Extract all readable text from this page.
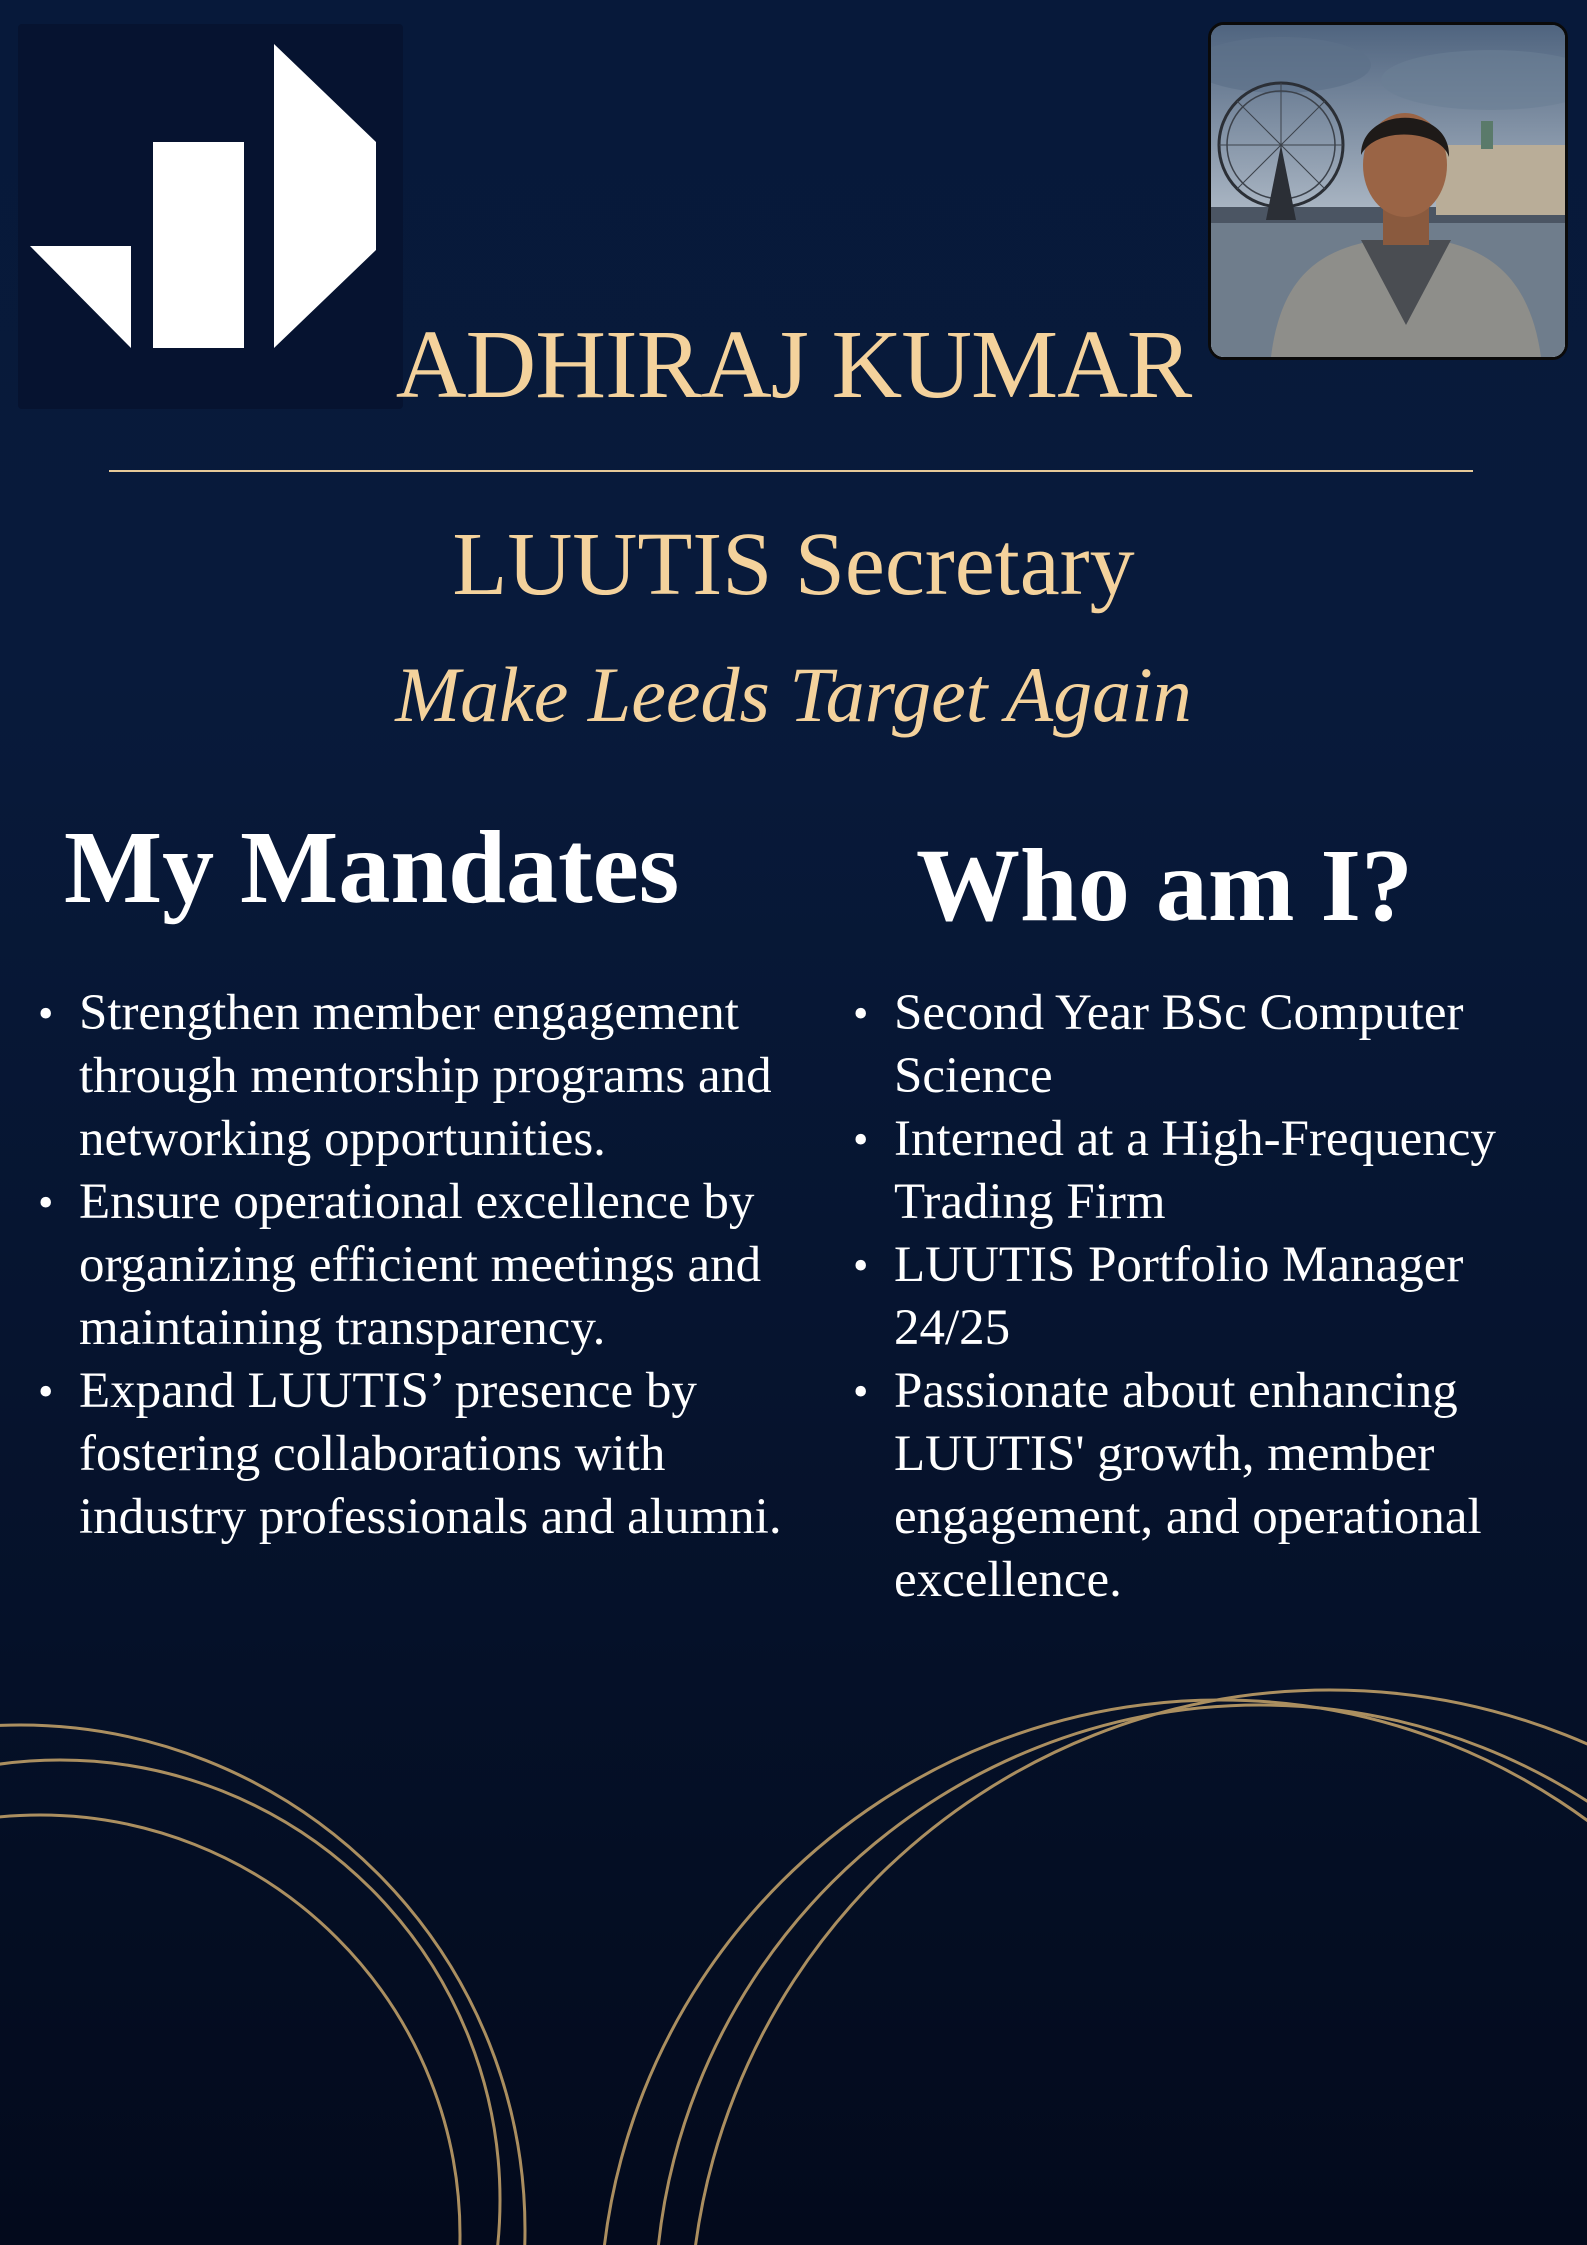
ADHIRAJ KUMAR
LUUTIS Secretary
Make Leeds Target Again
My Mandates Who am I?
• Strengthen member engagement through mentorship programs and networking opportunities.
• Ensure operational excellence by organizing efficient meetings and maintaining transparency.
• Expand LUUTIS’ presence by fostering collaborations with industry professionals and alumni.
• Second Year BSc Computer Science
• Interned at a High-Frequency Trading Firm
• LUUTIS Portfolio Manager 24/25
• Passionate about enhancing LUUTIS' growth, member engagement, and operational excellence.
